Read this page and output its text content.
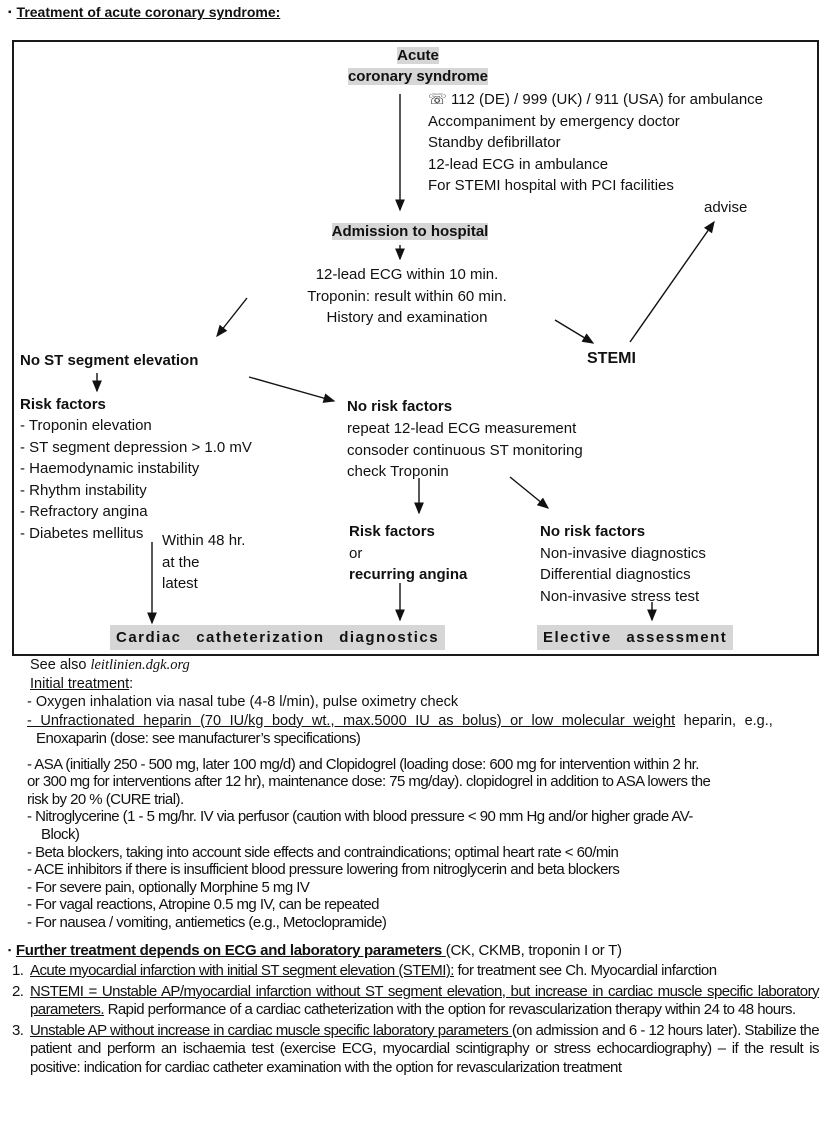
▪ Treatment of acute coronary syndrome:
Acute
coronary syndrome
☏ 112 (DE) / 999 (UK) / 911 (USA) for ambulance
Accompaniment by emergency doctor
Standby defibrillator
12-lead ECG in ambulance
For STEMI hospital with PCI facilities
advise
Admission to hospital
12-lead ECG within 10 min.
Troponin: result within 60 min.
History and examination
STEMI
No ST segment elevation
Risk factors
- Troponin elevation
- ST segment depression > 1.0 mV
- Haemodynamic instability
- Rhythm instability
- Refractory angina
- Diabetes mellitus	Within 48 hr.
at the
latest
No risk factors
repeat 12-lead ECG measurement
consoder continuous ST monitoring
check Troponin
Risk factors
or
recurring angina
No risk factors
Non-invasive diagnostics
Differential diagnostics
Non-invasive stress test
Cardiac catheterization diagnostics	Elective assessment
See also leitlinien.dgk.org
Initial treatment:
- Oxygen inhalation via nasal tube (4-8 l/min), pulse oximetry check
- Unfractionated heparin (70 IU/kg body wt., max.5000 IU as bolus) or low molecular weight heparin, e.g.,
Enoxaparin (dose: see manufacturer’s specifications)
- ASA (initially 250 - 500 mg, later 100 mg/d) and Clopidogrel (loading dose: 600 mg for intervention within 2 hr.
or 300 mg for interventions after 12 hr), maintenance dose: 75 mg/day). clopidogrel in addition to ASA lowers the
risk by 20 % (CURE trial).
- Nitroglycerine (1 - 5 mg/hr. IV via perfusor (caution with blood pressure < 90 mm Hg and/or higher grade AV-
Block)
- Beta blockers, taking into account side effects and contraindications; optimal heart rate < 60/min
- ACE inhibitors if there is insufficient blood pressure lowering from nitroglycerin and beta blockers
- For severe pain, optionally Morphine 5 mg IV
- For vagal reactions, Atropine 0.5 mg IV, can be repeated
- For nausea / vomiting, antiemetics (e.g., Metoclopramide)
▪ Further treatment depends on ECG and laboratory parameters (CK, CKMB, troponin I or T)
1. Acute myocardial infarction with initial ST segment elevation (STEMI): for treatment see Ch. Myocardial infarction
2. NSTEMI = Unstable AP/myocardial infarction without ST segment elevation, but increase in cardiac muscle specific laboratory parameters. Rapid performance of a cardiac catheterization with the option for revascularization therapy within 24 to 48 hours.
3. Unstable AP without increase in cardiac muscle specific laboratory parameters (on admission and 6 - 12 hours later). Stabilize the patient and perform an ischaemia test (exercise ECG, myocardial scintigraphy or stress echocardiography) – if the result is positive: indication for cardiac catheter examination with the option for revascularization treatment
